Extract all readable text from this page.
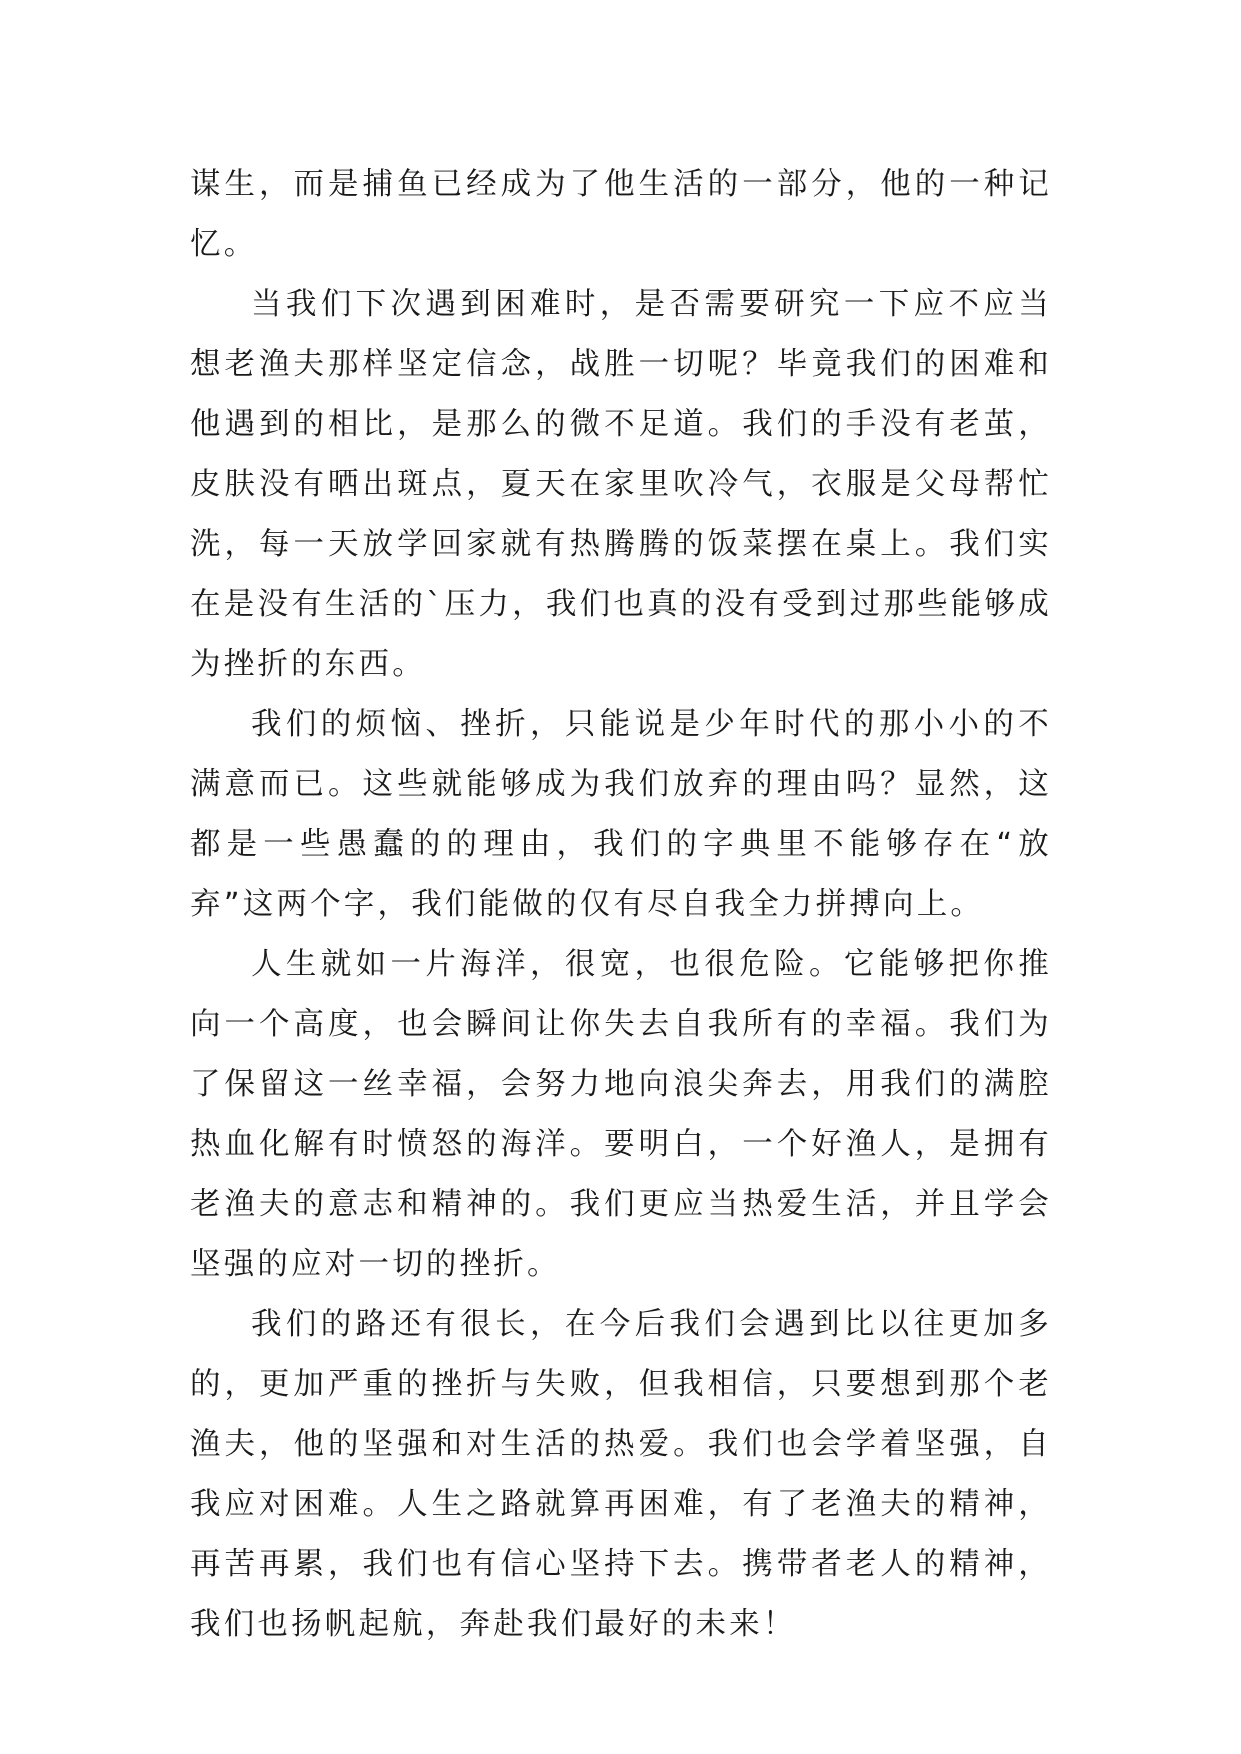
谋生，而是捕鱼已经成为了他生活的一部分，他的一种记忆。

当我们下次遇到困难时，是否需要研究一下应不应当想老渔夫那样坚定信念，战胜一切呢？毕竟我们的困难和他遇到的相比，是那么的微不足道。我们的手没有老茧，皮肤没有晒出斑点，夏天在家里吹冷气，衣服是父母帮忙洗，每一天放学回家就有热腾腾的饭菜摆在桌上。我们实在是没有生活的`压力，我们也真的没有受到过那些能够成为挫折的东西。

我们的烦恼、挫折，只能说是少年时代的那小小的不满意而已。这些就能够成为我们放弃的理由吗？显然，这都是一些愚蠢的的理由，我们的字典里不能够存在“放弃”这两个字，我们能做的仅有尽自我全力拼搏向上。

人生就如一片海洋，很宽，也很危险。它能够把你推向一个高度，也会瞬间让你失去自我所有的幸福。我们为了保留这一丝幸福，会努力地向浪尖奔去，用我们的满腔热血化解有时愤怒的海洋。要明白，一个好渔人，是拥有老渔夫的意志和精神的。我们更应当热爱生活，并且学会坚强的应对一切的挫折。

我们的路还有很长，在今后我们会遇到比以往更加多的，更加严重的挫折与失败，但我相信，只要想到那个老渔夫，他的坚强和对生活的热爱。我们也会学着坚强，自我应对困难。人生之路就算再困难，有了老渔夫的精神，再苦再累，我们也有信心坚持下去。携带者老人的精神，我们也扬帆起航，奔赴我们最好的未来！
